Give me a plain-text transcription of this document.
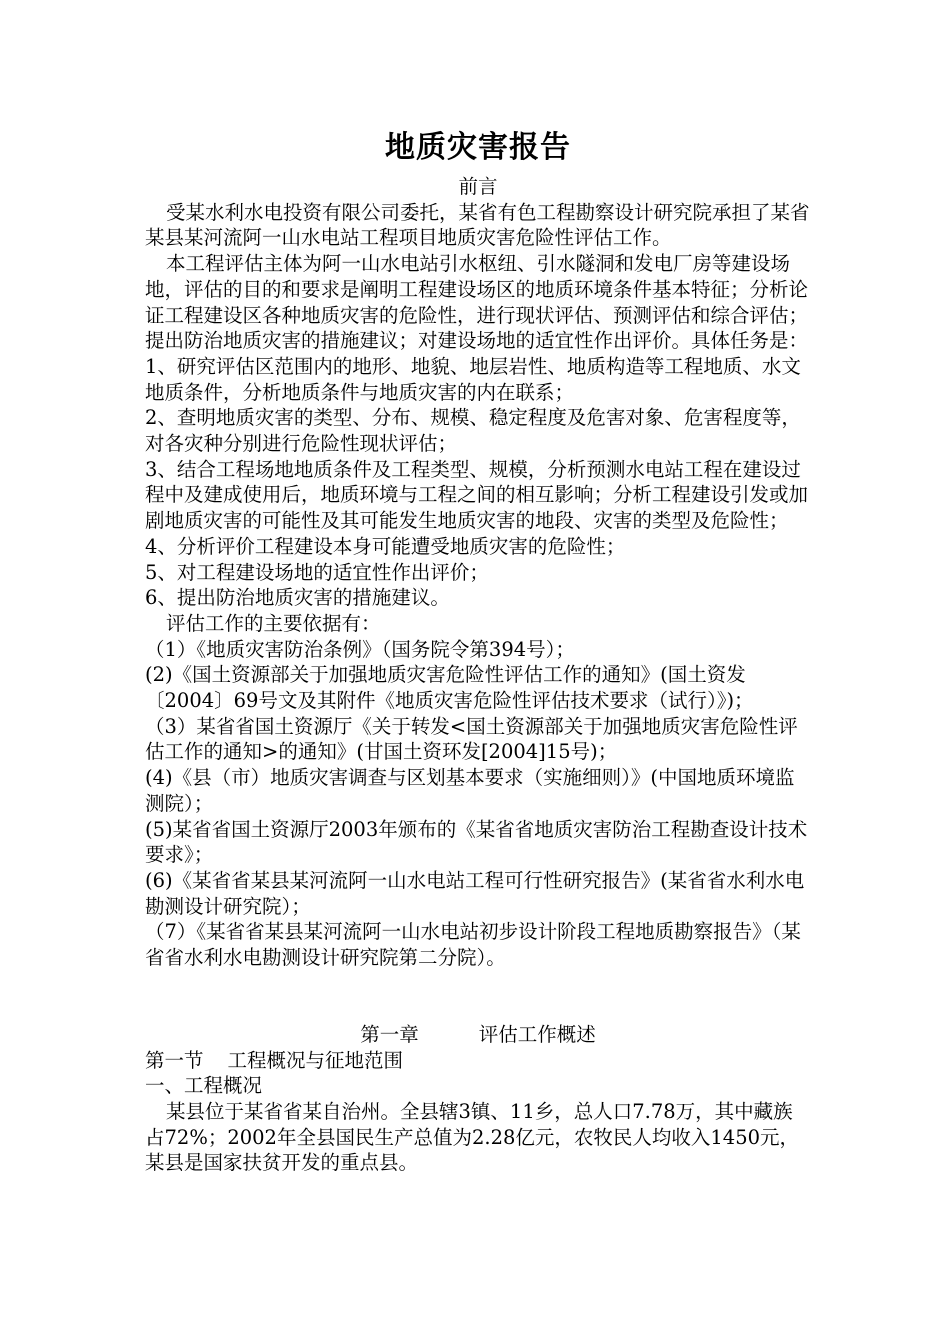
地质灾害报告

前言

受某水利水电投资有限公司委托，某省有色工程勘察设计研究院承担了某省某县某河流阿一山水电站工程项目地质灾害危险性评估工作。

本工程评估主体为阿一山水电站引水枢纽、引水隧洞和发电厂房等建设场地，评估的目的和要求是阐明工程建设场区的地质环境条件基本特征；分析论证工程建设区各种地质灾害的危险性，进行现状评估、预测评估和综合评估；提出防治地质灾害的措施建议；对建设场地的适宜性作出评价。具体任务是：

1、研究评估区范围内的地形、地貌、地层岩性、地质构造等工程地质、水文地质条件，分析地质条件与地质灾害的内在联系；

2、查明地质灾害的类型、分布、规模、稳定程度及危害对象、危害程度等，对各灾种分别进行危险性现状评估；

3、结合工程场地地质条件及工程类型、规模，分析预测水电站工程在建设过程中及建成使用后，地质环境与工程之间的相互影响；分析工程建设引发或加剧地质灾害的可能性及其可能发生地质灾害的地段、灾害的类型及危险性；

4、分析评价工程建设本身可能遭受地质灾害的危险性；

5、对工程建设场地的适宜性作出评价；

6、提出防治地质灾害的措施建议。

评估工作的主要依据有：

（1）《地质灾害防治条例》（国务院令第394号）；

(2)《国土资源部关于加强地质灾害危险性评估工作的通知》(国土资发〔2004〕69号文及其附件《地质灾害危险性评估技术要求（试行）》)；

（3）某省省国土资源厅《关于转发<国土资源部关于加强地质灾害危险性评估工作的通知>的通知》(甘国土资环发[2004]15号)；

(4)《县（市）地质灾害调查与区划基本要求（实施细则）》(中国地质环境监测院）；

(5)某省省国土资源厅2003年颁布的《某省省地质灾害防治工程勘查设计技术要求》；

(6)《某省省某县某河流阿一山水电站工程可行性研究报告》(某省省水利水电勘测设计研究院）；

（7）《某省省某县某河流阿一山水电站初步设计阶段工程地质勘察报告》（某省省水利水电勘测设计研究院第二分院）。

第一章	评估工作概述

第一节 工程概况与征地范围

一、工程概况

某县位于某省省某自治州。全县辖3镇、11乡，总人口7.78万，其中藏族占72%；2002年全县国民生产总值为2.28亿元，农牧民人均收入1450元，某县是国家扶贫开发的重点县。
